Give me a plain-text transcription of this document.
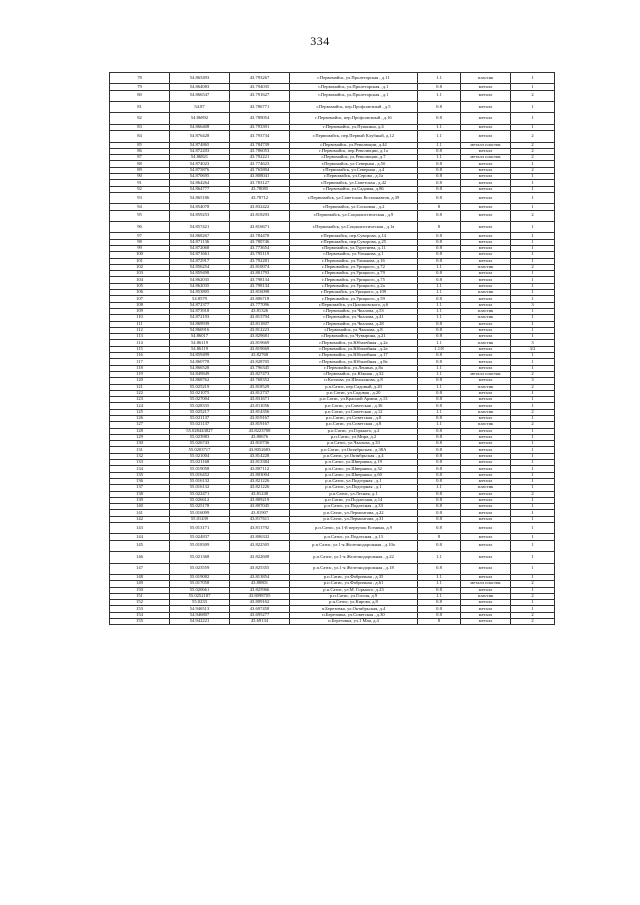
334
78	54.865493	43.793267	г.Первомайск, ул.Пролетарская , д.11	1.1	пластик	1
79	54.864083	43.794035	г.Первомайск, ул.Пролетарская , д.1	0.8	металл	1
80	54.866547	43.791627	г.Первомайск, ул.Пролетарская , д.1	1.1	металл	2
81	54.87	43.786771	г.Первомайск, пер.Профсоюзный , д.5	0.8	металл	1
82	54.86892	43.789054	г.Первомайск, пер.Профсоюзный , д.16	0.8	металл	1
83	54.866408	43.793391	г.Первомайск, ул.Пушкина, д.4	1.1	металл	1
84	54.876428	43.793734	г.Первомайск, пер.Первый Клубный, д.12	1.1	металл	2
85	54.874865	43.784739	г.Первомайск, ул.Революции, д.44	1.1	металл пластик	2
86	54.872203	43.786053	г.Первомайск, пер.Революции, д.1а	0.8	металл	2
87	54.86821	43.792221	г.Первомайск, ул.Революции, д.7	1.1	металл пластик	2
88	54.874023	43.774623	г.Первомайск, ул.Северная , д.5б	0.8	металл	1
89	54.875876	43.765804	г.Первомайск, ул.Северная , д.4	0.8	металл	2
90	54.870695	43.808041	г.Первомайск, ул.Серова , д.1а	0.8	металл	1
91	54.864264	43.783127	г.Первомайск, ул.Советская , д.42	0.8	металл	1
92	54.864777	43.78085	г.Первомайск, ул.Садовая, д.86	0.8	металл	1
93	54.865186	43.78712	г.Первомайск, ул.Советских Космонавтов, д.39	0.8	металл	1
94	54.854078	43.832422	г.Первомайск, ул.Сосновая , д.2	8	металл	1
95	54.859253	43.818293	г.Первомайск, ул.Социалистическая , д.9	0.8	металл	2
96	54.857421	43.816671	г.Первомайск, ул.Социалистическая , д.1а	8	металл	1
97	54.868267	43.784478	г.Первомайск, пер.Суворова, д.14	0.8	металл	1
98	54.871136	43.780746	г.Первомайск, пер.Суворова, д.25	0.8	металл	1
99	54.872068	43.773654	г.Первомайск, ул.Тургенева, д.11	0.8	металл	1
100	54.871661	43.795119	г.Первомайск, ул.Ульянова, д.1	0.8	металл	1
101	54.872917	43.792281	г.Первомайск, ул.Ульянова, д.16	0.8	металл	1
102	54.856254	43.810074	г.Первомайск, ул.Урицкого, д.72	1.1	пластик	2
103	54.859498	43.801793	г.Первомайск, ул.Урицкого, д.79	0.8	металл	1
104	54.862035	43.798134	г.Первомайск, ул.Урицкого, д.75	0.8	металл	1
105	54.862035	43.798134	г.Первомайск, ул.Урицкого, д.2а	1.1	металл	1
106	54.853805	43.816098	г.Первомайск, ул.Урицкого, д.109	1.1	пластик	1
107	54.8579	43.806718	г.Первомайск, ул.Урицкого, д.59	0.8	металл	1
108	54.872377	43.777096	г.Первомайск, ул.Циолковского, д.6	1.1	металл	3
109	54.873918	43.81326	г.Первомайск, ул.Чкалова, д.53	1.1	пластик	1
110	54.872193	43.813794	г.Первомайск, ул.Чкалова, д.41	1.1	пластик	1
111	54.869939	43.811807	г.Первомайск, ул.Чкалова, д.28	0.8	металл	1
112	54.866916	43.812223	г.Первомайск, ул.Чкалова, д.8	0.8	металл	1
113	54.86017	43.829681	г.Первомайск, ул.Чувырина, д.21	0.8	металл	1
114	54.86119	43.819669	г.Первомайск, ул.Юбилейная , д.2а	1.1	пластик	3
115	54.86119	43.819669	г.Первомайск, ул.Юбилейная , д.2а	1.1/8	металл	3/2
116	54.859499	43.82768	г.Первомайск, ул.Юбилейная , д.17	0.8	металл	1
117	54.860778	43.828705	г.Первомайск, ул.Юбилейная , д.8а	0.8	металл	1
118	54.866528	43.796345	г.Первомайск, ул.Ленина, д.8а	1.1	металл	1
119	54.849849	43.827473	г.Первомайск, ул.Южная , д.32	1.1	металл пластик	2
120	54.868762	43.768352	п.Козлова, ул.Шелыхнова, д.8	0.8	металл	3
121	55.025219	43.818529	р.п.Сатис, пер.Садовый, д.20	1.1	пластик	2
122	55.021075	43.812737	р.п.Сатис, ул.Садовая , д.20	0.8	металл	1
123	55.027004	43.831671	р.п.Сатис, ул.Красной Армии, д.13	0.8	металл	1
124	55.028335	43.811056	р.п.Сатис, ул.Советская , д.36	0.8	металл	1
125	55.025217	43.814356	р.п.Сатис, ул.Советская , д.12	1.1	пластик	2
126	55.021137	43.819167	р.п.Сатис, ул.Советская , д.8	0.8	металл	1
127	55.021137	43.819167	р.п.Сатис, ул.Советская , д.8	1.1	пластик	2
128	55.028443827	43.8223708	р.п.Сатис, ул.Горького, д.2	0.8	металл	1
129	55.023983	43.80676	р.п.Сатис, ул.Мира, д.2	0.8	металл	1
130	55.026743	43.810736	р.п.Сатис, ул.Чкалова, д.33	0.8	металл	1
131	55.0203717	43.8052683	р.п.Сатис, ул.Октябрьская , д.38А	0.8	металл	1
132	55.021004	43.814228	р.п.Сатис, ул.Октябрьская , д.4	0.8	металл	1
133	55.021168	43.813384	р.п.Сатис, ул.Шверника, д.19	0.8	металл	1
134	55.019058	43.807112	р.п.Сатис, ул.Шверника, д.32	0.8	металл	1
135	55.016452	43.803004	р.п.Сатис, ул.Шверника, д.60	0.8	металл	1
136	55.016132	43.821226	р.п.Сатис, ул.Подгорная , д.1	0.8	металл	1
137	55.016132	43.821226	р.п.Сатис, ул.Подгорная , д.1	1.1	пластик	1
138	55.022471	43.81248	р.п.Сатис, ул.Лесная, д.1	0.8	металл	2
139	55.026612	43.809219	р.п.Сатис, ул.Подлесная, д.14	0.8	металл	1
140	55.025178	43.807045	р.п.Сатис, ул.Подлесная , д.33	0.8	металл	1
141	55.016099	43.81907	р.п.Сатис, ул.Лермонтова, д.22	0.8	металл	1
142	55.01439	43.817611	р.п.Сатис, ул.Лермонтова, д.31	0.8	металл	1
143	55.013171	43.811792	р.п.Сатис, ул.1-й переулок Есенина, д.9	0.8	металл	1
144	55.024837	43.806332	р.п.Сатис, ул.Подлесная , д.13	8	металл	1
145	55.018309	43.822505	р.п.Сатис, ул.1-я Железнодорожная , д.10а	0.8	металл	1
146	55.021368	43.822608	р.п.Сатис, ул.1-я Железнодорожная , д.22	1.1	металл	1
147	55.023559	43.825355	р.п.Сатис, ул.1-я Железнодорожная , д.18	0.8	металл	1
148	55.019082	43.813854	р.п.Сатис, ул.Фабричная , д.35	1.1	металл	1
149	55.017058	43.80801	р.п.Сатис, ул.Фабричная , д.61	1.1	металл пластик	2
150	55.020661	43.825966	р.п.Сатис, ул.М. Горького, д.23	0.8	металл	1
151	55.0252187	43.8098705	р.п.Сатис, ул.Гоголя, д.9	1.1	пластик	2
152	55.0233	43.809162	р.п.Сатис, ул.Кирова, д.8	0.8	металл	1
153	54.946513	43.697458	п.Березовка, ул.Октябрьская, д.4	0.8	металл	1
154	54.946807	43.695277	п.Березовка, ул.Советская , д.30	0.8	металл	2
155	54.942221	43.69134	п.Березовка, ул.1 Мая, д.4	8	металл	2
